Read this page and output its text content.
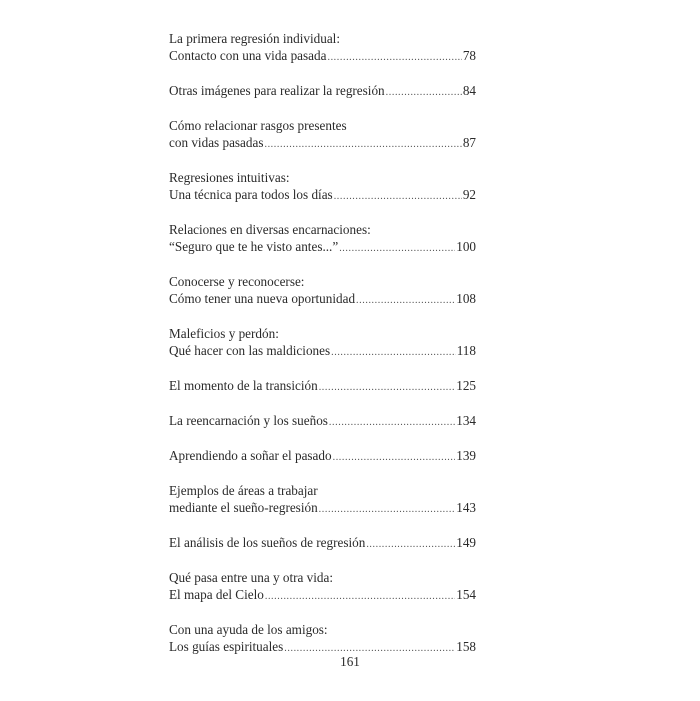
La primera regresión individual:
Contacto con una vida pasada .....	78
Otras imágenes para realizar la regresión .....	84
Cómo relacionar rasgos presentes
con vidas pasadas .....	87
Regresiones intuitivas:
Una técnica para todos los días .....	92
Relaciones en diversas encarnaciones:
“Seguro que te he visto antes...” .....	100
Conocerse y reconocerse:
Cómo tener una nueva oportunidad .....	108
Maleficios y perdón:
Qué hacer con las maldiciones .....	118
El momento de la transición .....	125
La reencarnación y los sueños .....	134
Aprendiendo a soñar el pasado .....	139
Ejemplos de áreas a trabajar
mediante el sueño-regresión .....	143
El análisis de los sueños de regresión .....	149
Qué pasa entre una y otra vida:
El mapa del Cielo .....	154
Con una ayuda de los amigos:
Los guías espirituales .....	158
161
